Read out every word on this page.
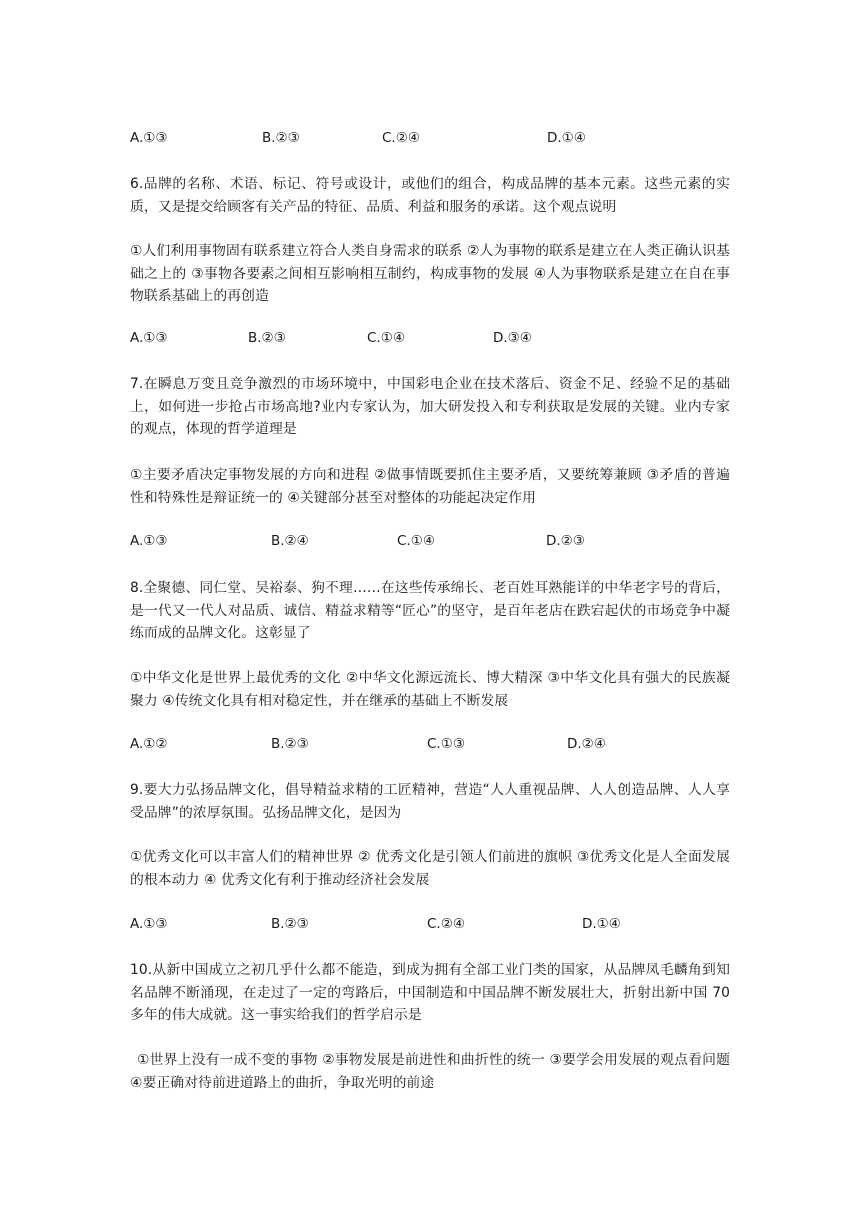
A.①③	B.②③	C.②④	D.①④
6.品牌的名称、术语、标记、符号或设计，或他们的组合，构成品牌的基本元素。这些元素的实质，又是提交给顾客有关产品的特征、品质、利益和服务的承诺。这个观点说明
①人们利用事物固有联系建立符合人类自身需求的联系 ②人为事物的联系是建立在人类正确认识基础之上的 ③事物各要素之间相互影响相互制约，构成事物的发展 ④人为事物联系是建立在自在事物联系基础上的再创造
A.①③	B.②③	C.①④	D.③④
7.在瞬息万变且竞争激烈的市场环境中，中国彩电企业在技术落后、资金不足、经验不足的基础上，如何进一步抢占市场高地?业内专家认为，加大研发投入和专利获取是发展的关键。业内专家的观点，体现的哲学道理是
①主要矛盾决定事物发展的方向和进程 ②做事情既要抓住主要矛盾，又要统筹兼顾 ③矛盾的普遍性和特殊性是辩证统一的 ④关键部分甚至对整体的功能起决定作用
A.①③	B.②④	C.①④	D.②③
8.全聚德、同仁堂、吴裕泰、狗不理……在这些传承绵长、老百姓耳熟能详的中华老字号的背后，是一代又一代人对品质、诚信、精益求精等“匠心”的坚守，是百年老店在跌宕起伏的市场竞争中凝练而成的品牌文化。这彰显了
①中华文化是世界上最优秀的文化 ②中华文化源远流长、博大精深 ③中华文化具有强大的民族凝聚力 ④传统文化具有相对稳定性，并在继承的基础上不断发展
A.①②	B.②③	C.①③	D.②④
9.要大力弘扬品牌文化，倡导精益求精的工匠精神，营造“人人重视品牌、人人创造品牌、人人享受品牌”的浓厚氛围。弘扬品牌文化，是因为
①优秀文化可以丰富人们的精神世界 ② 优秀文化是引领人们前进的旗帜 ③优秀文化是人全面发展的根本动力 ④ 优秀文化有利于推动经济社会发展
A.①③	B.②③	C.②④	D.①④
10.从新中国成立之初几乎什么都不能造，到成为拥有全部工业门类的国家，从品牌凤毛麟角到知名品牌不断涌现，在走过了一定的弯路后，中国制造和中国品牌不断发展壮大，折射出新中国 70 多年的伟大成就。这一事实给我们的哲学启示是
①世界上没有一成不变的事物 ②事物发展是前进性和曲折性的统一 ③要学会用发展的观点看问题 ④要正确对待前进道路上的曲折，争取光明的前途
